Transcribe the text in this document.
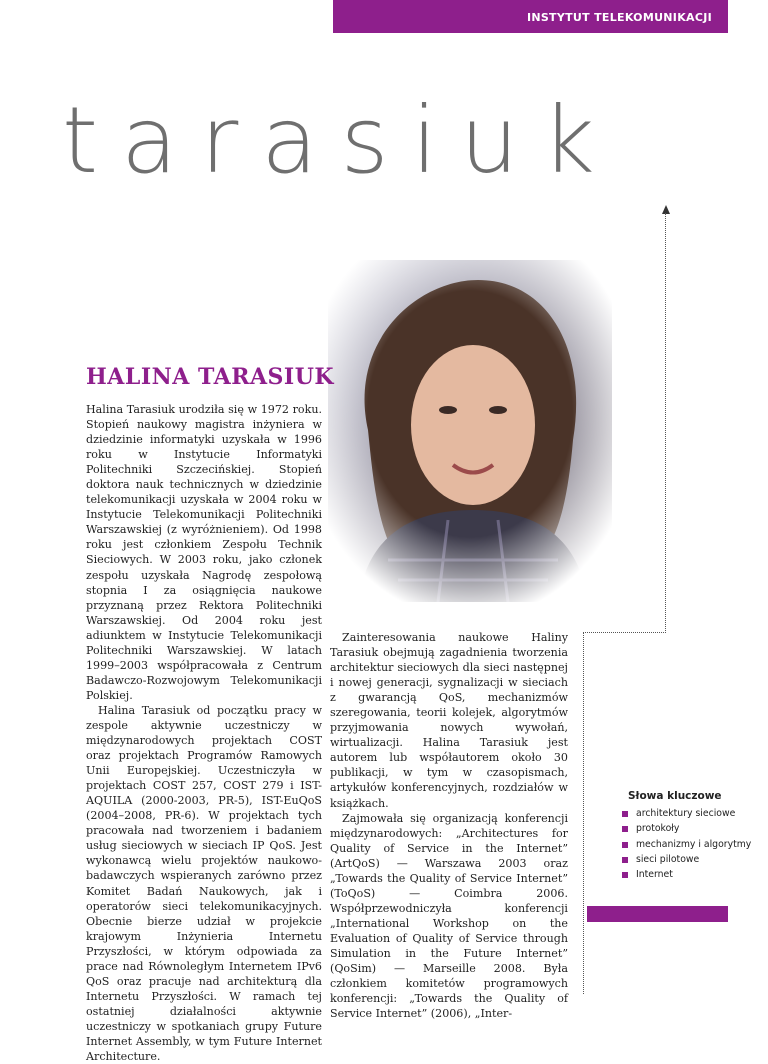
INSTYTUT TELEKOMUNIKACJI
tarasiuk
HALINA TARASIUK

Halina Tarasiuk urodziła się w 1972 roku. Stopień naukowy magistra inżyniera w dziedzinie informatyki uzyskała w 1996 roku w Instytucie Informatyki Politechniki Szczecińskiej. Stopień doktora nauk technicznych w dziedzinie telekomunikacji uzyskała w 2004 roku w Instytucie Telekomunikacji Politechniki Warszawskiej (z wyróżnieniem). Od 1998 roku jest członkiem Zespołu Technik Sieciowych. W 2003 roku, jako członek zespołu uzyskała Nagrodę zespołową stopnia I za osiągnięcia naukowe przyznaną przez Rektora Politechniki Warszawskiej. Od 2004 roku jest adiunktem w Instytucie Telekomunikacji Politechniki Warszawskiej. W latach 1999–2003 współpracowała z Centrum Badawczo-Rozwojowym Telekomunikacji Polskiej.

Halina Tarasiuk od początku pracy w zespole aktywnie uczestniczy w międzynarodowych projektach COST oraz projektach Programów Ramowych Unii Europejskiej. Uczestniczyła w projektach COST 257, COST 279 i IST-AQUILA (2000-2003, PR-5), IST-EuQoS (2004–2008, PR-6). W projektach tych pracowała nad tworzeniem i badaniem usług sieciowych w sieciach IP QoS. Jest wykonawcą wielu projektów naukowo-badawczych wspieranych zarówno przez Komitet Badań Naukowych, jak i operatorów sieci telekomunikacyjnych. Obecnie bierze udział w projekcie krajowym Inżynieria Internetu Przyszłości, w którym odpowiada za prace nad Równoległym Internetem IPv6 QoS oraz pracuje nad architekturą dla Internetu Przyszłości. W ramach tej ostatniej działalności aktywnie uczestniczy w spotkaniach grupy Future Internet Assembly, w tym Future Internet Architecture.

Zainteresowania naukowe Haliny Tarasiuk obejmują zagadnienia tworzenia architektur sieciowych dla sieci następnej i nowej generacji, sygnalizacji w sieciach z gwarancją QoS, mechanizmów szeregowania, teorii kolejek, algorytmów przyjmowania nowych wywołań, wirtualizacji. Halina Tarasiuk jest autorem lub współautorem około 30 publikacji, w tym w czasopismach, artykułów konferencyjnych, rozdziałów w książkach.

Zajmowała się organizacją konferencji międzynarodowych: „Architectures for Quality of Service in the Internet” (ArtQoS) — Warszawa 2003 oraz „Towards the Quality of Service Internet” (ToQoS) — Coimbra 2006. Współprzewodniczyła konferencji „International Workshop on the Evaluation of Quality of Service through Simulation in the Future Internet” (QoSim) — Marseille 2008. Była członkiem komitetów programowych konferencji: „Towards the Quality of Service Internet” (2006), „Inter-

Słowa kluczowe
architektury sieciowe
protokoły
mechanizmy i algorytmy
sieci pilotowe
Internet
